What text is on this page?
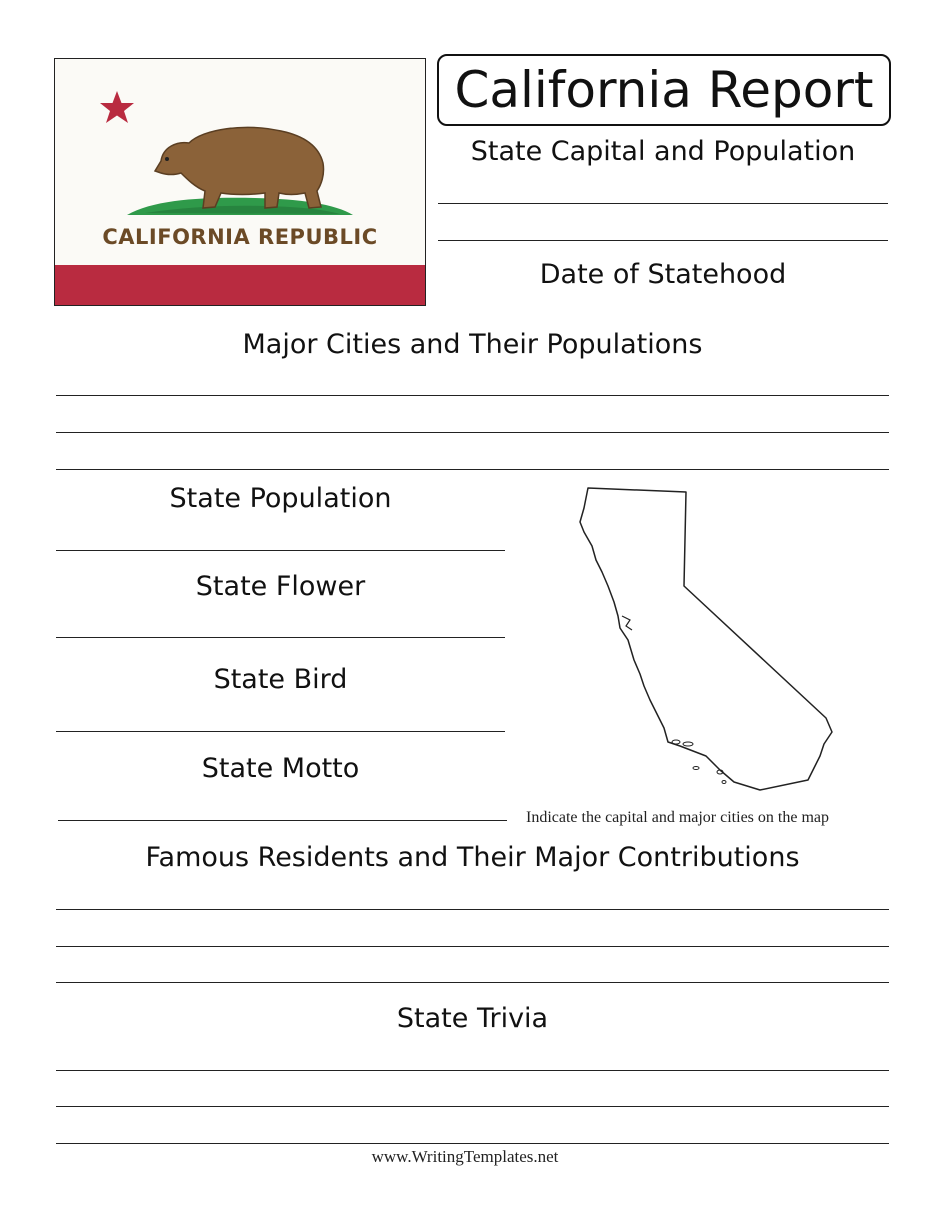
CALIFORNIA REPUBLIC
California Report
State Capital and Population
Date of Statehood
Major Cities and Their Populations
State Population
State Flower
State Bird
State Motto
Indicate the capital and major cities on the map
Famous Residents and Their Major Contributions
State Trivia
www.WritingTemplates.net
